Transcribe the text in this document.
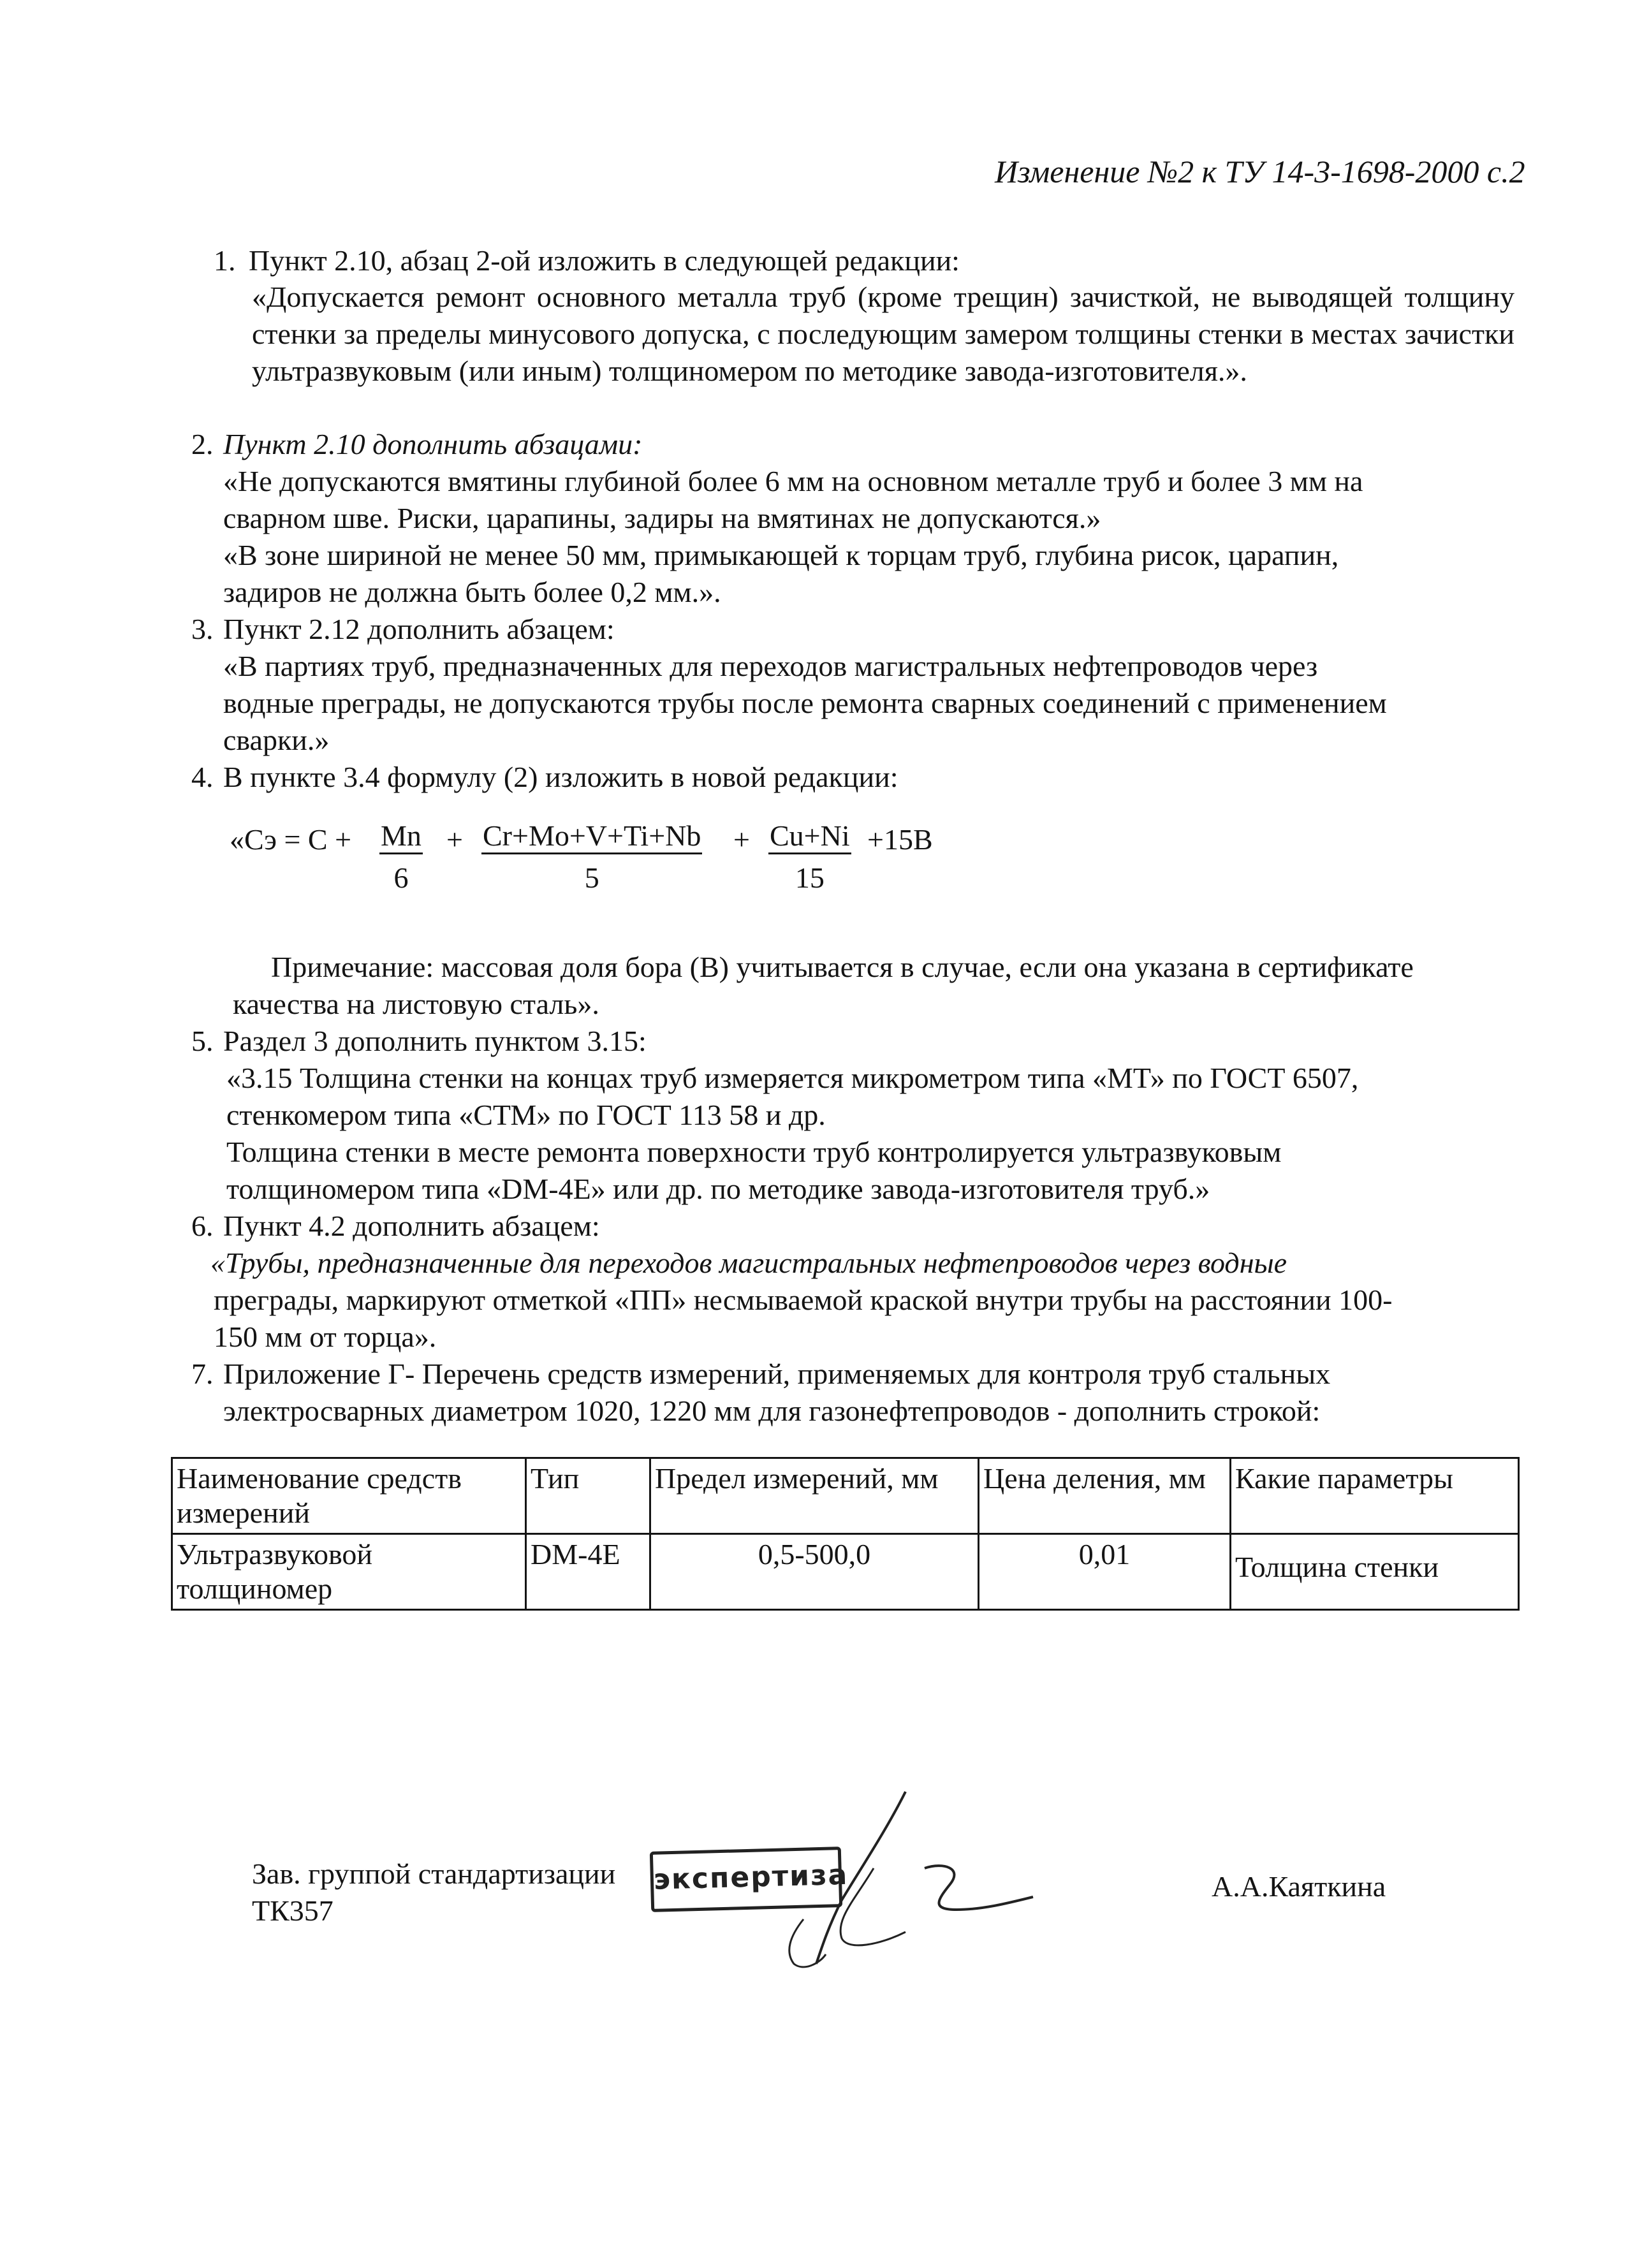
Изменение №2 к ТУ 14-3-1698-2000 с.2
1. Пункт 2.10, абзац 2-ой изложить в следующей редакции:
«Допускается ремонт основного металла труб (кроме трещин) зачисткой, не выводящей толщину стенки за пределы минусового допуска, с последующим замером толщины стенки в местах зачистки ультразвуковым (или иным) толщиномером по методике завода-изготовителя.».
2. Пункт 2.10 дополнить абзацами:
«Не допускаются вмятины глубиной более 6 мм на основном металле труб и более 3 мм на
сварном шве. Риски, царапины, задиры на вмятинах не допускаются.»
«В зоне шириной не менее 50 мм, примыкающей к торцам труб, глубина рисок, царапин,
задиров не должна быть более 0,2 мм.».
3. Пункт 2.12 дополнить абзацем:
«В партиях труб, предназначенных для переходов магистральных нефтепроводов через
водные преграды, не допускаются трубы после ремонта сварных соединений с применением
сварки.»
4. В пункте 3.4 формулу (2) изложить в новой редакции:
«Сэ = $С + \frac{Mn}{6} + \frac{Cr+Mo+V+Ti+Nb}{5} + \frac{Cu+Ni}{15} +15B$
Примечание: массовая доля бора (В) учитывается в случае, если она указана в сертификате
качества на листовую сталь».
5. Раздел 3 дополнить пунктом 3.15:
«3.15 Толщина стенки на концах труб измеряется микрометром типа «МТ» по ГОСТ 6507,
стенкомером типа «СТМ» по ГОСТ 113 58 и др.
Толщина стенки в месте ремонта поверхности труб контролируется ультразвуковым
толщиномером типа «DM-4E» или др. по методике завода-изготовителя труб.»
6. Пункт 4.2 дополнить абзацем:
«Трубы, предназначенные для переходов магистральных нефтепроводов через водные
преграды, маркируют отметкой «ПП» несмываемой краской внутри трубы на расстоянии 100-
150 мм от торца».
7. Приложение Г- Перечень средств измерений, применяемых для контроля труб стальных
электросварных диаметром 1020, 1220 мм для газонефтепроводов - дополнить строкой:
Наименование средств измерений	Тип	Предел измерений, мм	Цена деления, мм	Какие параметры
Ультразвуковой толщиномер	DM-4E	0,5-500,0	0,01	Толщина стенки
Зав. группой стандартизации
ТК357
экспертиза	А.А.Каяткина
